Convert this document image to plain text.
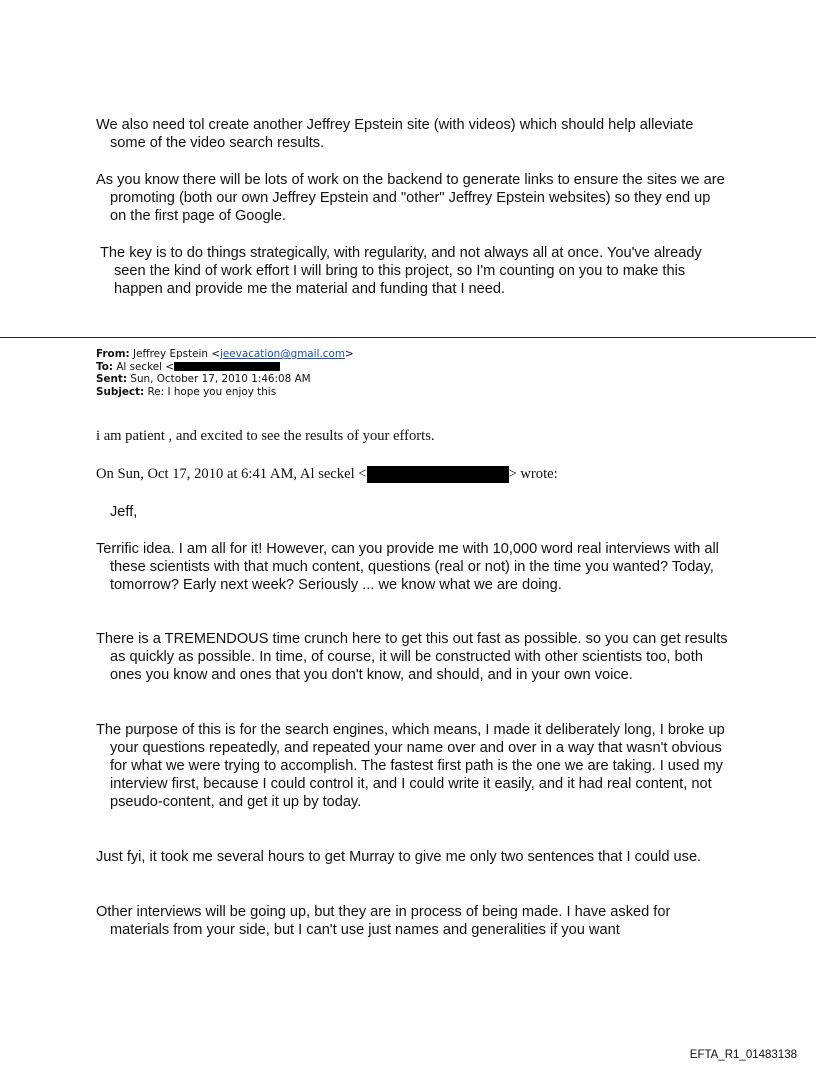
We also need tol create another Jeffrey Epstein site (with videos) which should help alleviate some of the video search results.

As you know there will be lots of work on the backend to generate links to ensure the sites we are promoting (both our own Jeffrey Epstein and "other" Jeffrey Epstein websites) so they end up on the first page of Google.

The key is to do things strategically, with regularity, and not always all at once. You've already seen the kind of work effort I will bring to this project, so I'm counting on you to make this happen and provide me the material and funding that I need.

From: Jeffrey Epstein <jeevacation@gmail.com>
To: Al seckel <
Sent: Sun, October 17, 2010 1:46:08 AM
Subject: Re: I hope you enjoy this

i am patient , and excited to see the results of your efforts.

On Sun, Oct 17, 2010 at 6:41 AM, Al seckel <	> wrote:

Jeff,

Terrific idea. I am all for it! However, can you provide me with 10,000 word real interviews with all these scientists with that much content, questions (real or not) in the time you wanted? Today, tomorrow? Early next week? Seriously ... we know what we are doing.

There is a TREMENDOUS time crunch here to get this out fast as possible. so you can get results as quickly as possible. In time, of course, it will be constructed with other scientists too, both ones you know and ones that you don't know, and should, and in your own voice.

The purpose of this is for the search engines, which means, I made it deliberately long, I broke up your questions repeatedly, and repeated your name over and over in a way that wasn't obvious for what we were trying to accomplish. The fastest first path is the one we are taking. I used my interview first, because I could control it, and I could write it easily, and it had real content, not pseudo-content, and get it up by today.

Just fyi, it took me several hours to get Murray to give me only two sentences that I could use.

Other interviews will be going up, but they are in process of being made. I have asked for materials from your side, but I can't use just names and generalities if you want

EFTA_R1_01483138
